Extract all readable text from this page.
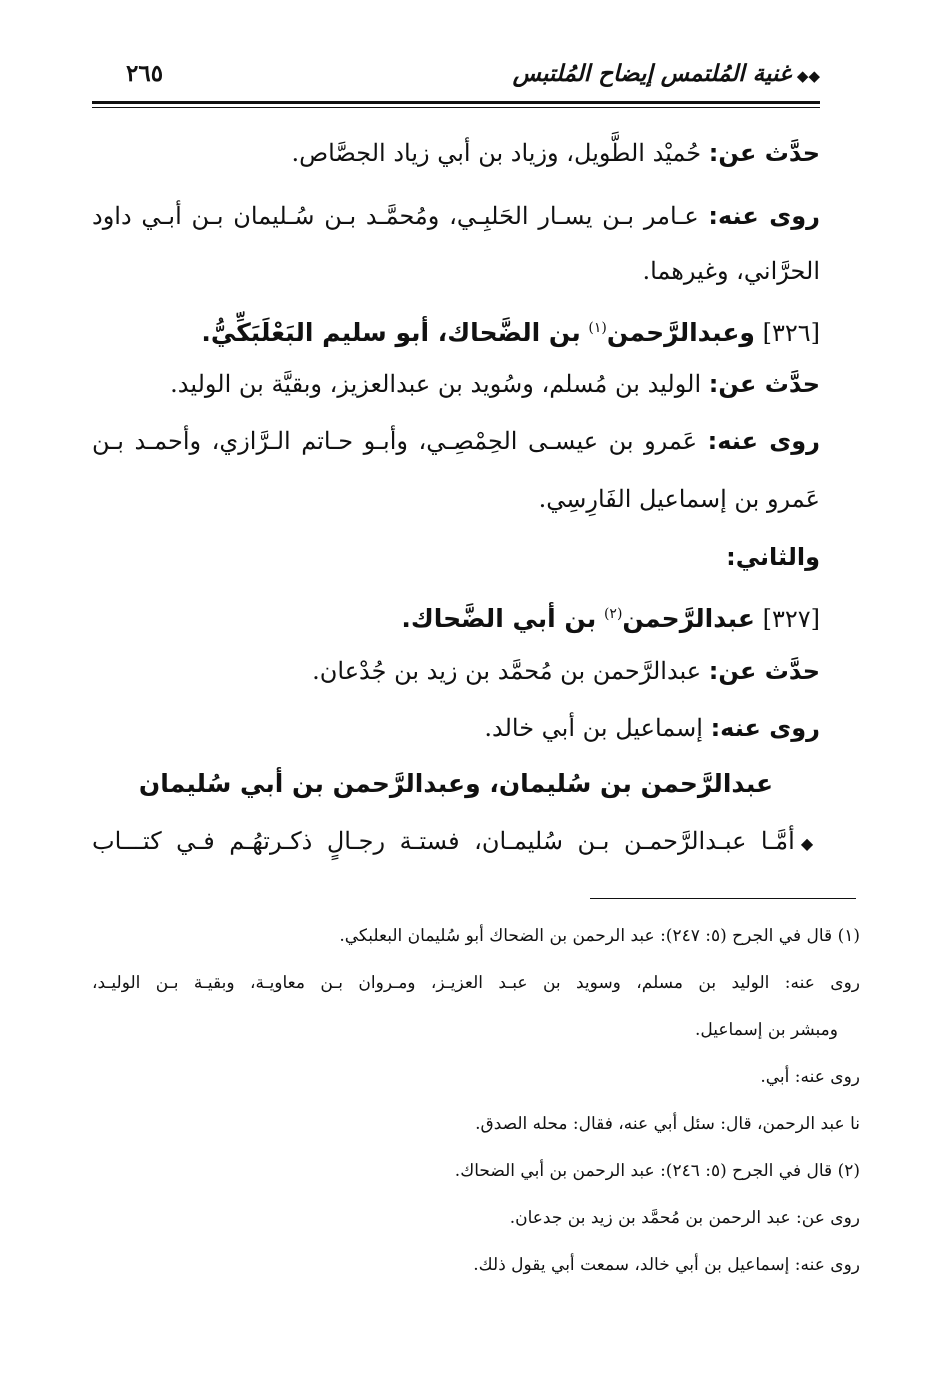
◆◆غنية المُلتمس إيضاح المُلتبس
٢٦٥
حدَّث عن: حُميْد الطَّويل، وزياد بن أبي زياد الجصَّاص.
روى عنه: عـامر بـن يسـار الحَلبِـي، ومُحمَّـد بـن سُـليمان بـن أبـي داود
الحرَّاني، وغيرهما.
[٣٢٦] وعبدالرَّحمن$^{(١)}$ بن الضَّحاك، أبو سليم البَعْلَبَكِّيُّ.
حدَّث عن: الوليد بن مُسلم، وسُويد بن عبدالعزيز، وبقيَّة بن الوليد.
روى عنه: عَمرو بن عيسـى الحِمْصِـي، وأبـو حـاتم الـرَّازي، وأحمـد بـن
عَمرو بن إسماعيل الفَارِسِي.
والثاني:
[٣٢٧] عبدالرَّحمن$^{(٢)}$ بن أبي الضَّحاك.
حدَّث عن: عبدالرَّحمن بن مُحمَّد بن زيد بن جُدْعان.
روى عنه: إسماعيل بن أبي خالد.
عبدالرَّحمن بن سُليمان، وعبدالرَّحمن بن أبي سُليمان
◆أمَّـا عبـدالرَّحمـن بـن سُليمـان، فستـة رجـالٍ ذكـرتهُـم فـي كتـــاب
(١) قال في الجرح (٥: ٢٤٧): عبد الرحمن بن الضحاك أبو سُليمان البعلبكي.
روى عنه: الوليد بن مسلم، وسويد بن عبـد العزيـز، ومـروان بـن معاويـة، وبقيـة بـن الوليـد،
ومبشر بن إسماعيل.
روى عنه: أبي.
نا عبد الرحمن، قال: سئل أبي عنه، فقال: محله الصدق.
(٢) قال في الجرح (٥: ٢٤٦): عبد الرحمن بن أبي الضحاك.
روى عن: عبد الرحمن بن مُحمَّد بن زيد بن جدعان.
روى عنه: إسماعيل بن أبي خالد، سمعت أبي يقول ذلك.
